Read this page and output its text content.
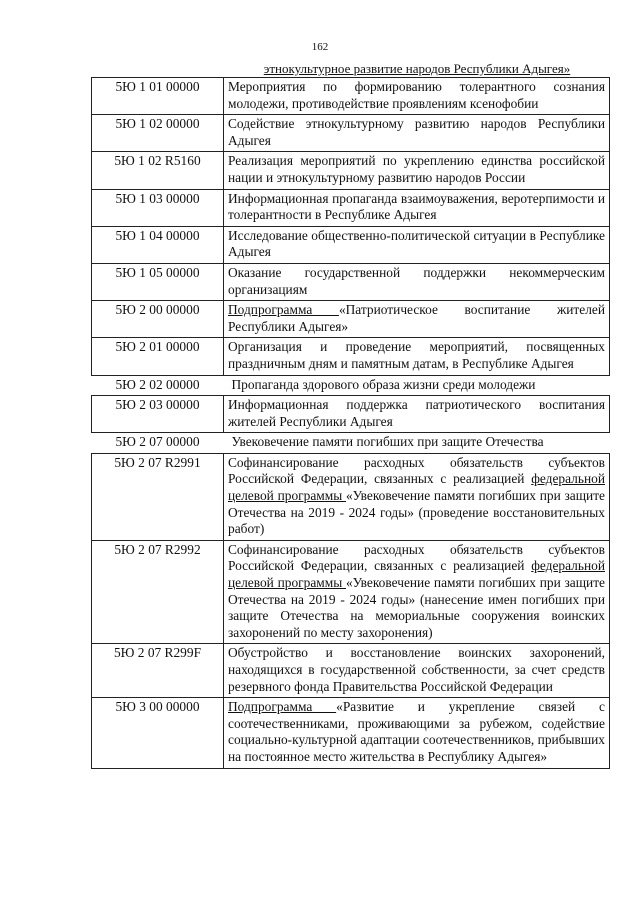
162
этнокультурное развитие народов Республики Адыгея»
5Ю 1 01 00000	Мероприятия по формированию толерантного сознания молодежи, противодействие проявлениям ксенофобии
5Ю 1 02 00000	Содействие этнокультурному развитию народов Республики Адыгея
5Ю 1 02 R5160	Реализация мероприятий по укреплению единства российской нации и этнокультурному развитию народов России
5Ю 1 03 00000	Информационная пропаганда взаимоуважения, веротерпимости и толерантности в Республике Адыгея
5Ю 1 04 00000	Исследование общественно-политической ситуации в Республике Адыгея
5Ю 1 05 00000	Оказание государственной поддержки некоммерческим организациям
5Ю 2 00 00000	Подпрограмма «Патриотическое воспитание жителей Республики Адыгея»
5Ю 2 01 00000	Организация и проведение мероприятий, посвященных праздничным дням и памятным датам, в Республике Адыгея
5Ю 2 02 00000	Пропаганда здорового образа жизни среди молодежи
5Ю 2 03 00000	Информационная поддержка патриотического воспитания жителей Республики Адыгея
5Ю 2 07 00000	Увековечение памяти погибших при защите Отечества
5Ю 2 07 R2991	Софинансирование расходных обязательств субъектов Российской Федерации, связанных с реализацией федеральной целевой программы «Увековечение памяти погибших при защите Отечества на 2019 - 2024 годы» (проведение восстановительных работ)
5Ю 2 07 R2992	Софинансирование расходных обязательств субъектов Российской Федерации, связанных с реализацией федеральной целевой программы «Увековечение памяти погибших при защите Отечества на 2019 - 2024 годы» (нанесение имен погибших при защите Отечества на мемориальные сооружения воинских захоронений по месту захоронения)
5Ю 2 07 R299F	Обустройство и восстановление воинских захоронений, находящихся в государственной собственности, за счет средств резервного фонда Правительства Российской Федерации
5Ю 3 00 00000	Подпрограмма «Развитие и укрепление связей с соотечественниками, проживающими за рубежом, содействие социально-культурной адаптации соотечественников, прибывших на постоянное место жительства в Республику Адыгея»
